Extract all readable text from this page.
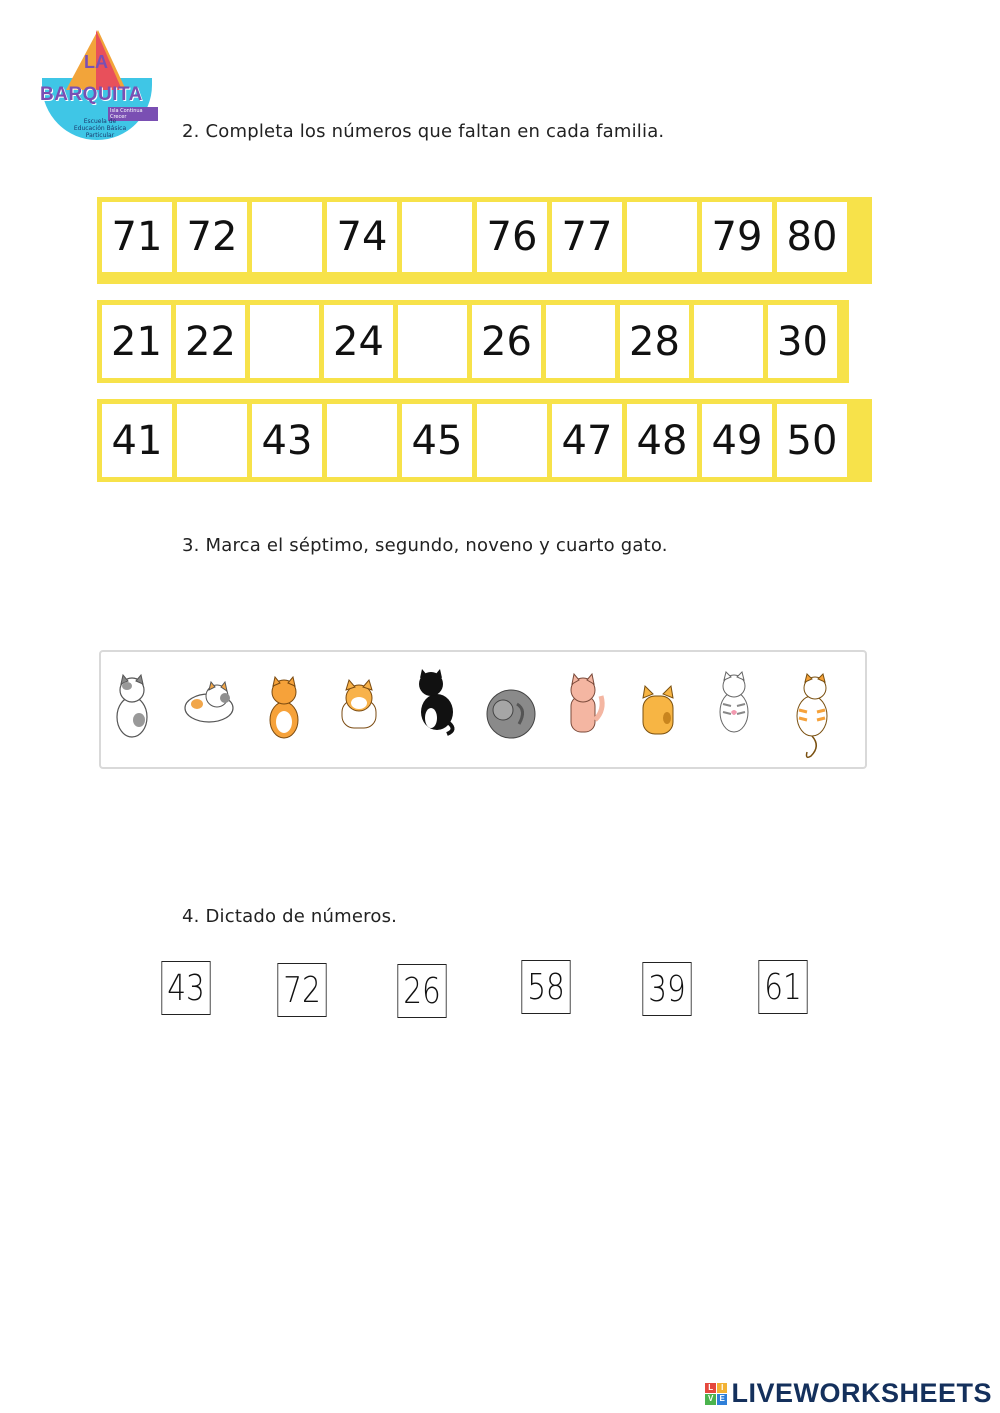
LA
BARQUITA
Isla Continua Crecer
Escuela de Educación Básica Particular	2. Completa los números que faltan en cada familia.
71 72 74 76 77 79 80
21 22 24 26 28 30
41 43 45 47 48 49 50
3. Marca el séptimo, segundo, noveno y cuarto gato.
4. Dictado de números.
43 72 26 58 39 61
L I
V E LIVEWORKSHEETS
